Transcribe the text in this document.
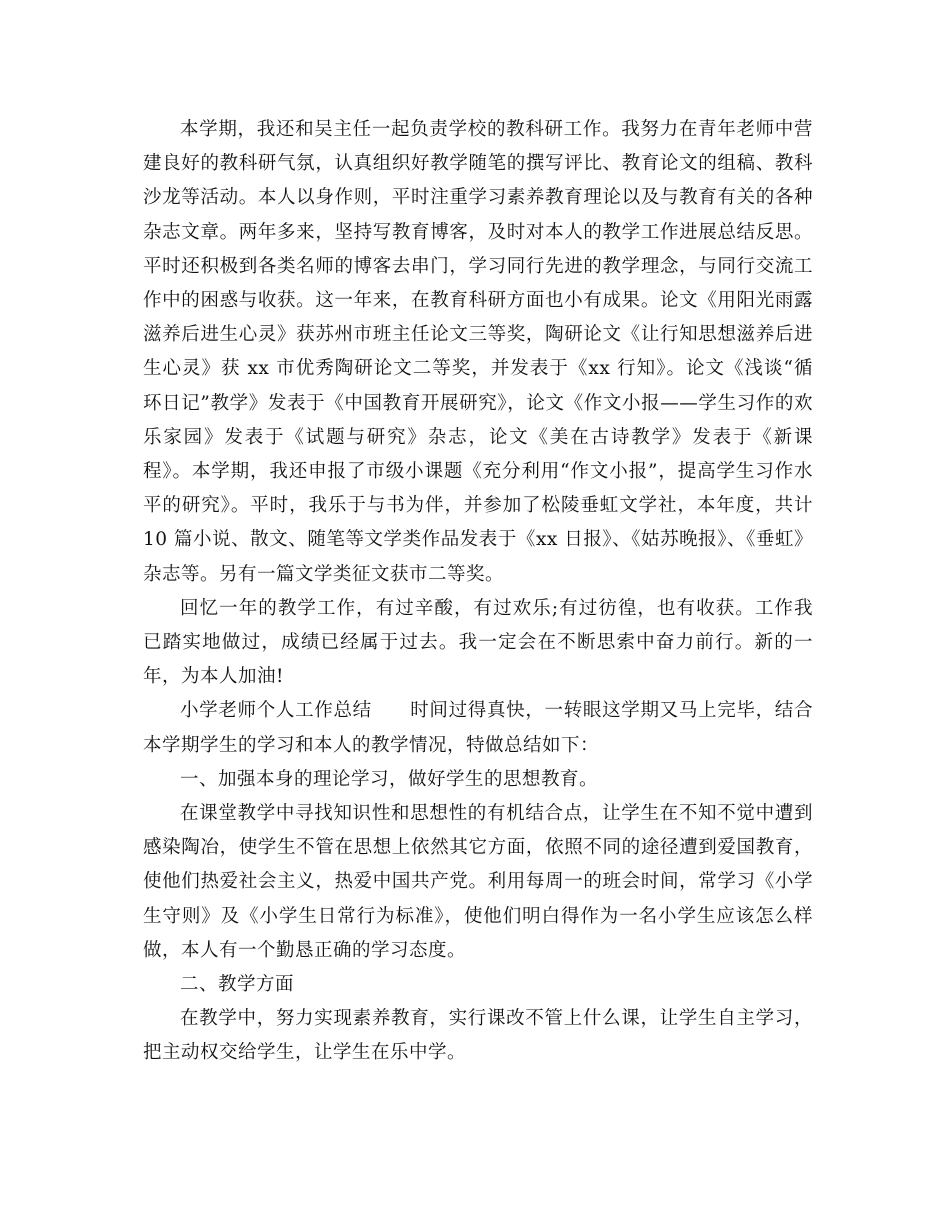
本学期，我还和吴主任一起负责学校的教科研工作。我努力在青年老师中营建良好的教科研气氛，认真组织好教学随笔的撰写评比、教育论文的组稿、教科沙龙等活动。本人以身作则，平时注重学习素养教育理论以及与教育有关的各种杂志文章。两年多来，坚持写教育博客，及时对本人的教学工作进展总结反思。平时还积极到各类名师的博客去串门，学习同行先进的教学理念，与同行交流工作中的困惑与收获。这一年来，在教育科研方面也小有成果。论文《用阳光雨露滋养后进生心灵》获苏州市班主任论文三等奖，陶研论文《让行知思想滋养后进生心灵》获 xx 市优秀陶研论文二等奖，并发表于《xx 行知》。论文《浅谈“循环日记”教学》发表于《中国教育开展研究》，论文《作文小报——学生习作的欢乐家园》发表于《试题与研究》杂志，论文《美在古诗教学》发表于《新课程》。本学期，我还申报了市级小课题《充分利用“作文小报”，提高学生习作水平的研究》。平时，我乐于与书为伴，并参加了松陵垂虹文学社，本年度，共计 10 篇小说、散文、随笔等文学类作品发表于《xx 日报》、《姑苏晚报》、《垂虹》杂志等。另有一篇文学类征文获市二等奖。

回忆一年的教学工作，有过辛酸，有过欢乐;有过彷徨，也有收获。工作我已踏实地做过，成绩已经属于过去。我一定会在不断思索中奋力前行。新的一年，为本人加油!

小学老师个人工作总结　　时间过得真快，一转眼这学期又马上完毕，结合本学期学生的学习和本人的教学情况，特做总结如下：

一、加强本身的理论学习，做好学生的思想教育。

在课堂教学中寻找知识性和思想性的有机结合点，让学生在不知不觉中遭到感染陶冶，使学生不管在思想上依然其它方面，依照不同的途径遭到爱国教育，使他们热爱社会主义，热爱中国共产党。利用每周一的班会时间，常学习《小学生守则》及《小学生日常行为标准》，使他们明白得作为一名小学生应该怎么样做，本人有一个勤恳正确的学习态度。

二、教学方面

在教学中，努力实现素养教育，实行课改不管上什么课，让学生自主学习，把主动权交给学生，让学生在乐中学。
